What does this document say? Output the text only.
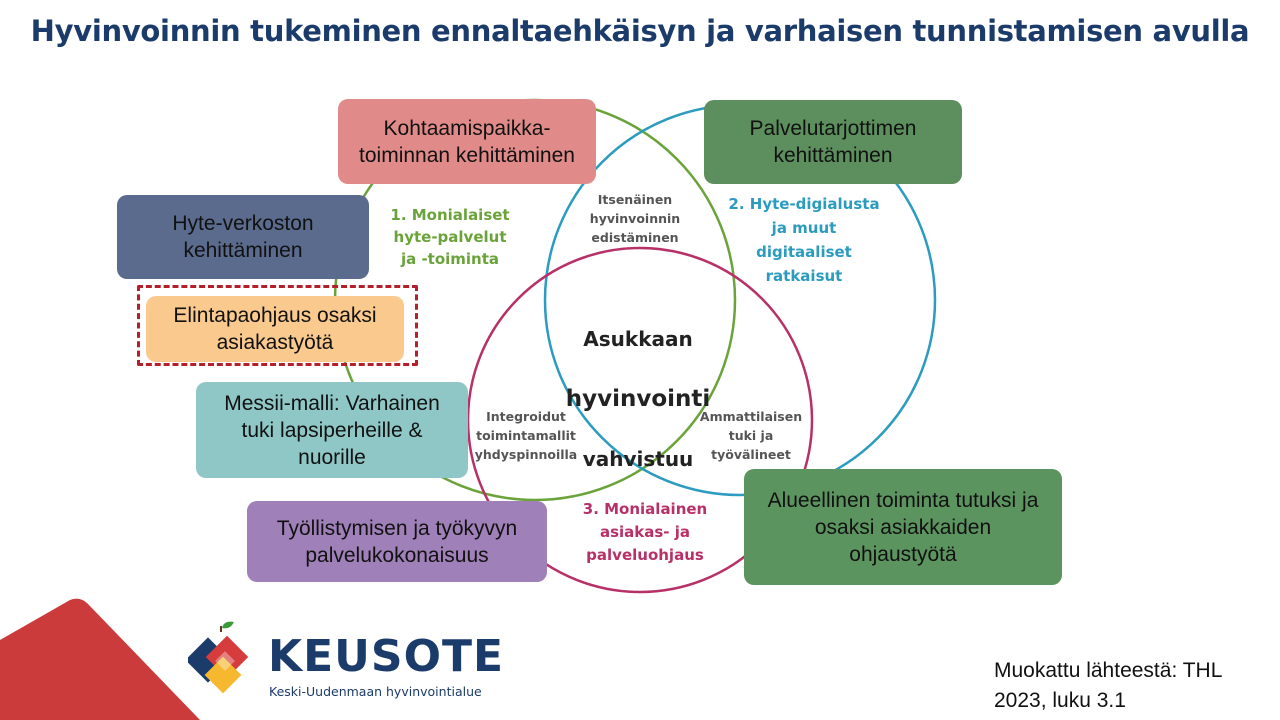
Hyvinvoinnin tukeminen ennaltaehkäisyn ja varhaisen tunnistamisen avulla
Kohtaamispaikka-
toiminnan kehittäminen
Palvelutarjottimen
kehittäminen
Hyte-verkoston
kehittäminen
Elintapaohjaus osaksi
asiakastyötä
Messii-malli: Varhainen
tuki lapsiperheille &
nuorille
Työllistymisen ja työkyvyn
palvelukokonaisuus
Alueellinen toiminta tutuksi ja
osaksi asiakkaiden
ohjaustyötä
1. Monialaiset
hyte-palvelut
ja -toiminta
2. Hyte-digialusta
ja muut
digitaaliset
ratkaisut
3. Monialainen
asiakas- ja
palveluohjaus

Asukkaan

hyvinvointi

vahvistuu

Itsenäinen
hyvinvoinnin
edistäminen
Integroidut
toimintamallit
yhdyspinnoilla
Ammattilaisen
tuki ja
työvälineet
KEUSOTE
Keski-Uudenmaan hyvinvointialue
Muokattu lähteestä: THL
2023, luku 3.1
